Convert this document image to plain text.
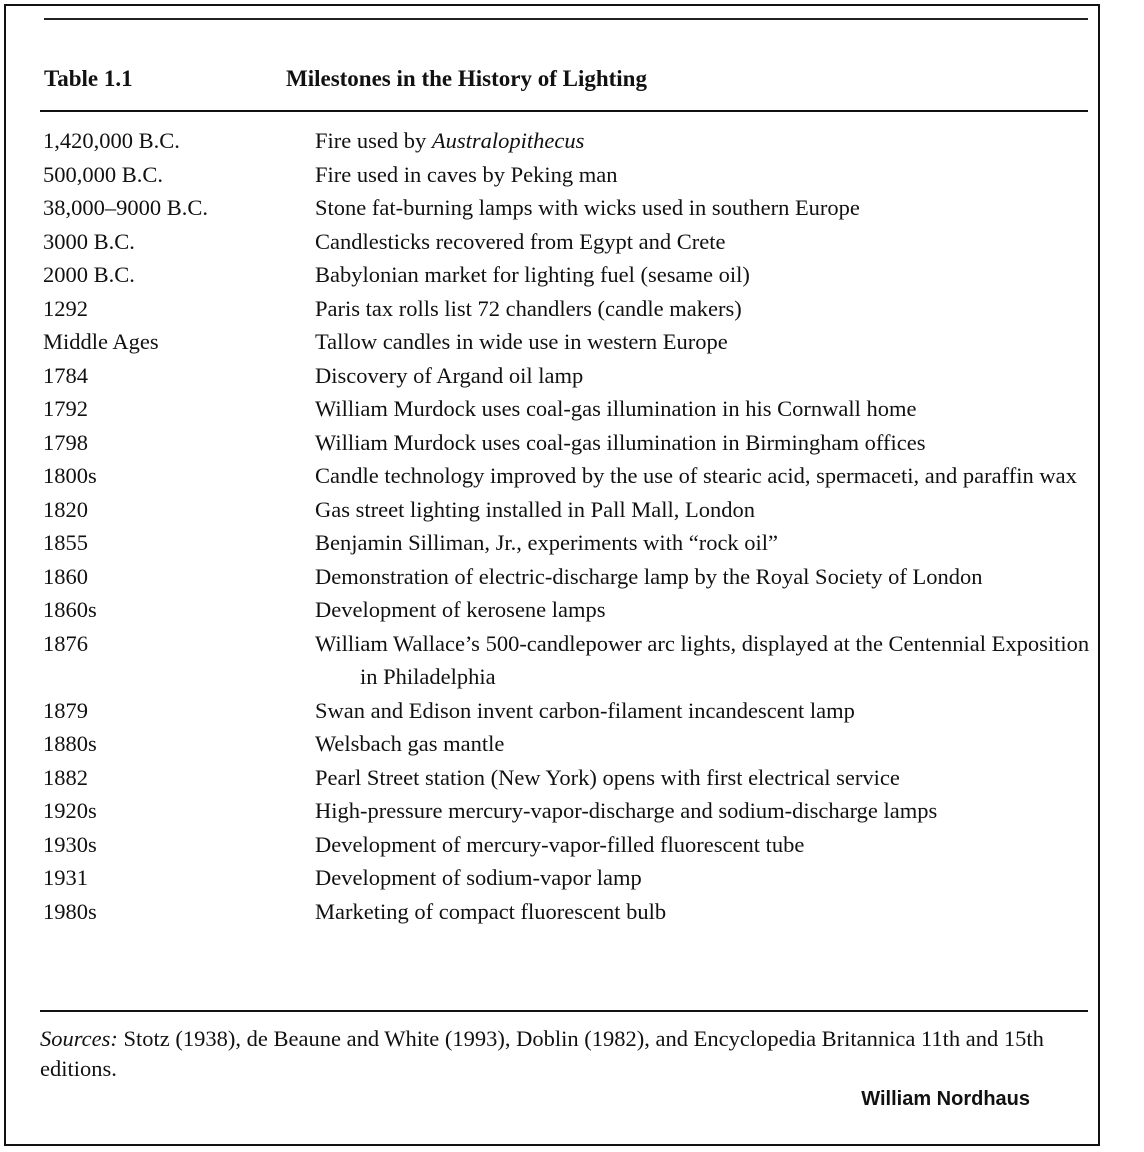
Table 1.1	Milestones in the History of Lighting
1,420,000 B.C.	Fire used by Australopithecus
500,000 B.C.	Fire used in caves by Peking man
38,000–9000 B.C.	Stone fat-burning lamps with wicks used in southern Europe
3000 B.C.	Candlesticks recovered from Egypt and Crete
2000 B.C.	Babylonian market for lighting fuel (sesame oil)
1292	Paris tax rolls list 72 chandlers (candle makers)
Middle Ages	Tallow candles in wide use in western Europe
1784	Discovery of Argand oil lamp
1792	William Murdock uses coal-gas illumination in his Cornwall home
1798	William Murdock uses coal-gas illumination in Birmingham offices
1800s	Candle technology improved by the use of stearic acid, spermaceti, and paraffin wax
1820	Gas street lighting installed in Pall Mall, London
1855	Benjamin Silliman, Jr., experiments with “rock oil”
1860	Demonstration of electric-discharge lamp by the Royal Society of London
1860s	Development of kerosene lamps
1876	William Wallace’s 500-candlepower arc lights, displayed at the Centennial Exposition in Philadelphia
1879	Swan and Edison invent carbon-filament incandescent lamp
1880s	Welsbach gas mantle
1882	Pearl Street station (New York) opens with first electrical service
1920s	High-pressure mercury-vapor-discharge and sodium-discharge lamps
1930s	Development of mercury-vapor-filled fluorescent tube
1931	Development of sodium-vapor lamp
1980s	Marketing of compact fluorescent bulb
Sources: Stotz (1938), de Beaune and White (1993), Doblin (1982), and Encyclopedia Britannica 11th and 15th editions.
William Nordhaus
